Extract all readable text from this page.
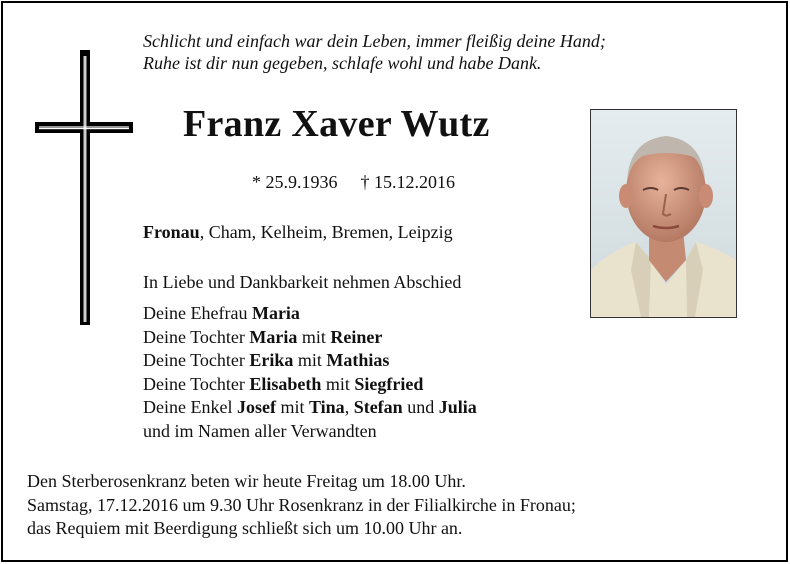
Schlicht und einfach war dein Leben, immer fleißig deine Hand;
Ruhe ist dir nun gegeben, schlafe wohl und habe Dank.
Franz Xaver Wutz
* 25.9.1936 † 15.12.2016
Fronau, Cham, Kelheim, Bremen, Leipzig
In Liebe und Dankbarkeit nehmen Abschied
Deine Ehefrau Maria
Deine Tochter Maria mit Reiner
Deine Tochter Erika mit Mathias
Deine Tochter Elisabeth mit Siegfried
Deine Enkel Josef mit Tina, Stefan und Julia
und im Namen aller Verwandten
Den Sterberosenkranz beten wir heute Freitag um 18.00 Uhr.
Samstag, 17.12.2016 um 9.30 Uhr Rosenkranz in der Filialkirche in Fronau;
das Requiem mit Beerdigung schließt sich um 10.00 Uhr an.
